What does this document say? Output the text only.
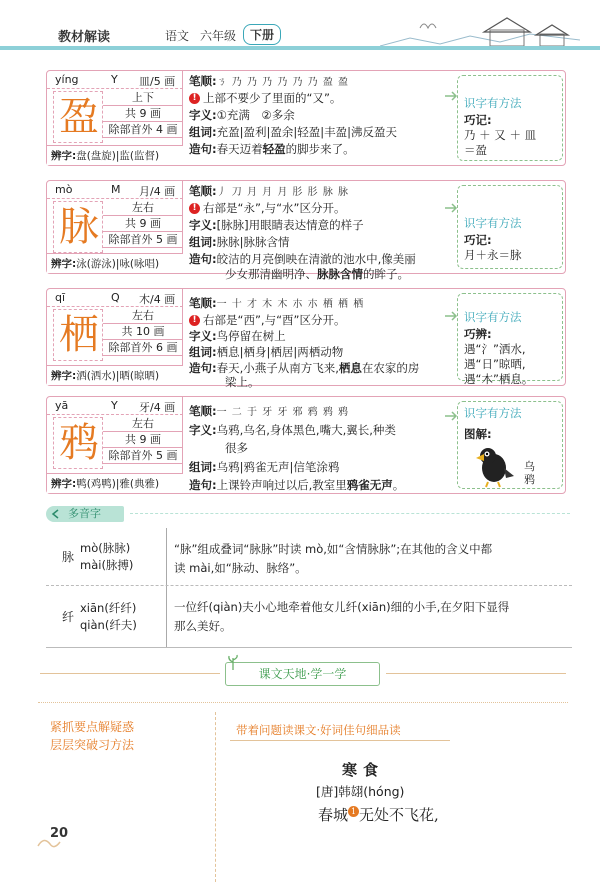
教材解读	语文 六年级	下册
yíng	Y 皿/5 画
盈	上下
共 9 画
除部首外 4 画
辨字:盘(盘旋)|监(监督)
笔顺:ㄋ 乃 乃 乃 乃 乃 乃 盈 盈
! 上部不要少了里面的“又”。
字义:①充满　②多余
组词:充盈|盈利|盈余|轻盈|丰盈|沸反盈天
造句:春天迈着轻盈的脚步来了。
识字有方法
巧记:
乃 ＋ 又 ＋ 皿
＝盈
mò	M 月/4 画
脉	左右
共 9 画
除部首外 5 画
辨字:泳(游泳)|咏(咏唱)
笔顺:丿 刀 月 月 月 肜 肜 脉 脉
! 右部是“永”,与“水”区分开。
字义:[脉脉]用眼睛表达情意的样子
组词:脉脉|脉脉含情
造句:皎洁的月亮倒映在清澈的池水中,像美丽
少女那清幽明净、脉脉含情的眸子。
识字有方法
巧记:
月＋永＝脉
qī	Q 木/4 画
栖	左右
共 10 画
除部首外 6 画
辨字:洒(洒水)|晒(晾晒)
笔顺:一 十 才 木 木 朩 朩 栖 栖 栖
! 右部是“西”,与“酉”区分开。
字义:鸟停留在树上
组词:栖息|栖身|栖居|两栖动物
造句:春天,小燕子从南方飞来,栖息在农家的房
梁上。
识字有方法
巧辨:
遇“氵”洒水,
遇“日”晾晒,
遇“木”栖息。
yā	Y 牙/4 画
鸦	左右
共 9 画
除部首外 5 画
辨字:鸭(鸡鸭)|雅(典雅)
笔顺:一 二 于 牙 牙 邪 鸦 鸦 鸦
字义:乌鸦,乌名,身体黑色,嘴大,翼长,种类
很多
组词:乌鸦|鸦雀无声|信笔涂鸦
造句:上课铃声响过以后,教室里鸦雀无声。
识字有方法
图解:
乌鸦
多音字
脉
mò(脉脉)
mài(脉搏)
“脉”组成叠词“脉脉”时读 mò,如“含情脉脉”;在其他的含义中都
读 mài,如“脉动、脉络”。
纤
xiān(纤纤)
qiàn(纤夫)
一位纤(qiàn)夫小心地牵着他女儿纤(xiān)细的小手,在夕阳下显得
那么美好。
课文天地·学一学
紧抓要点解疑惑
层层突破习方法
带着问题读课文·好词佳句细品读
寒食
[唐]韩翃(hóng)
春城 1 无处不飞花,
20
